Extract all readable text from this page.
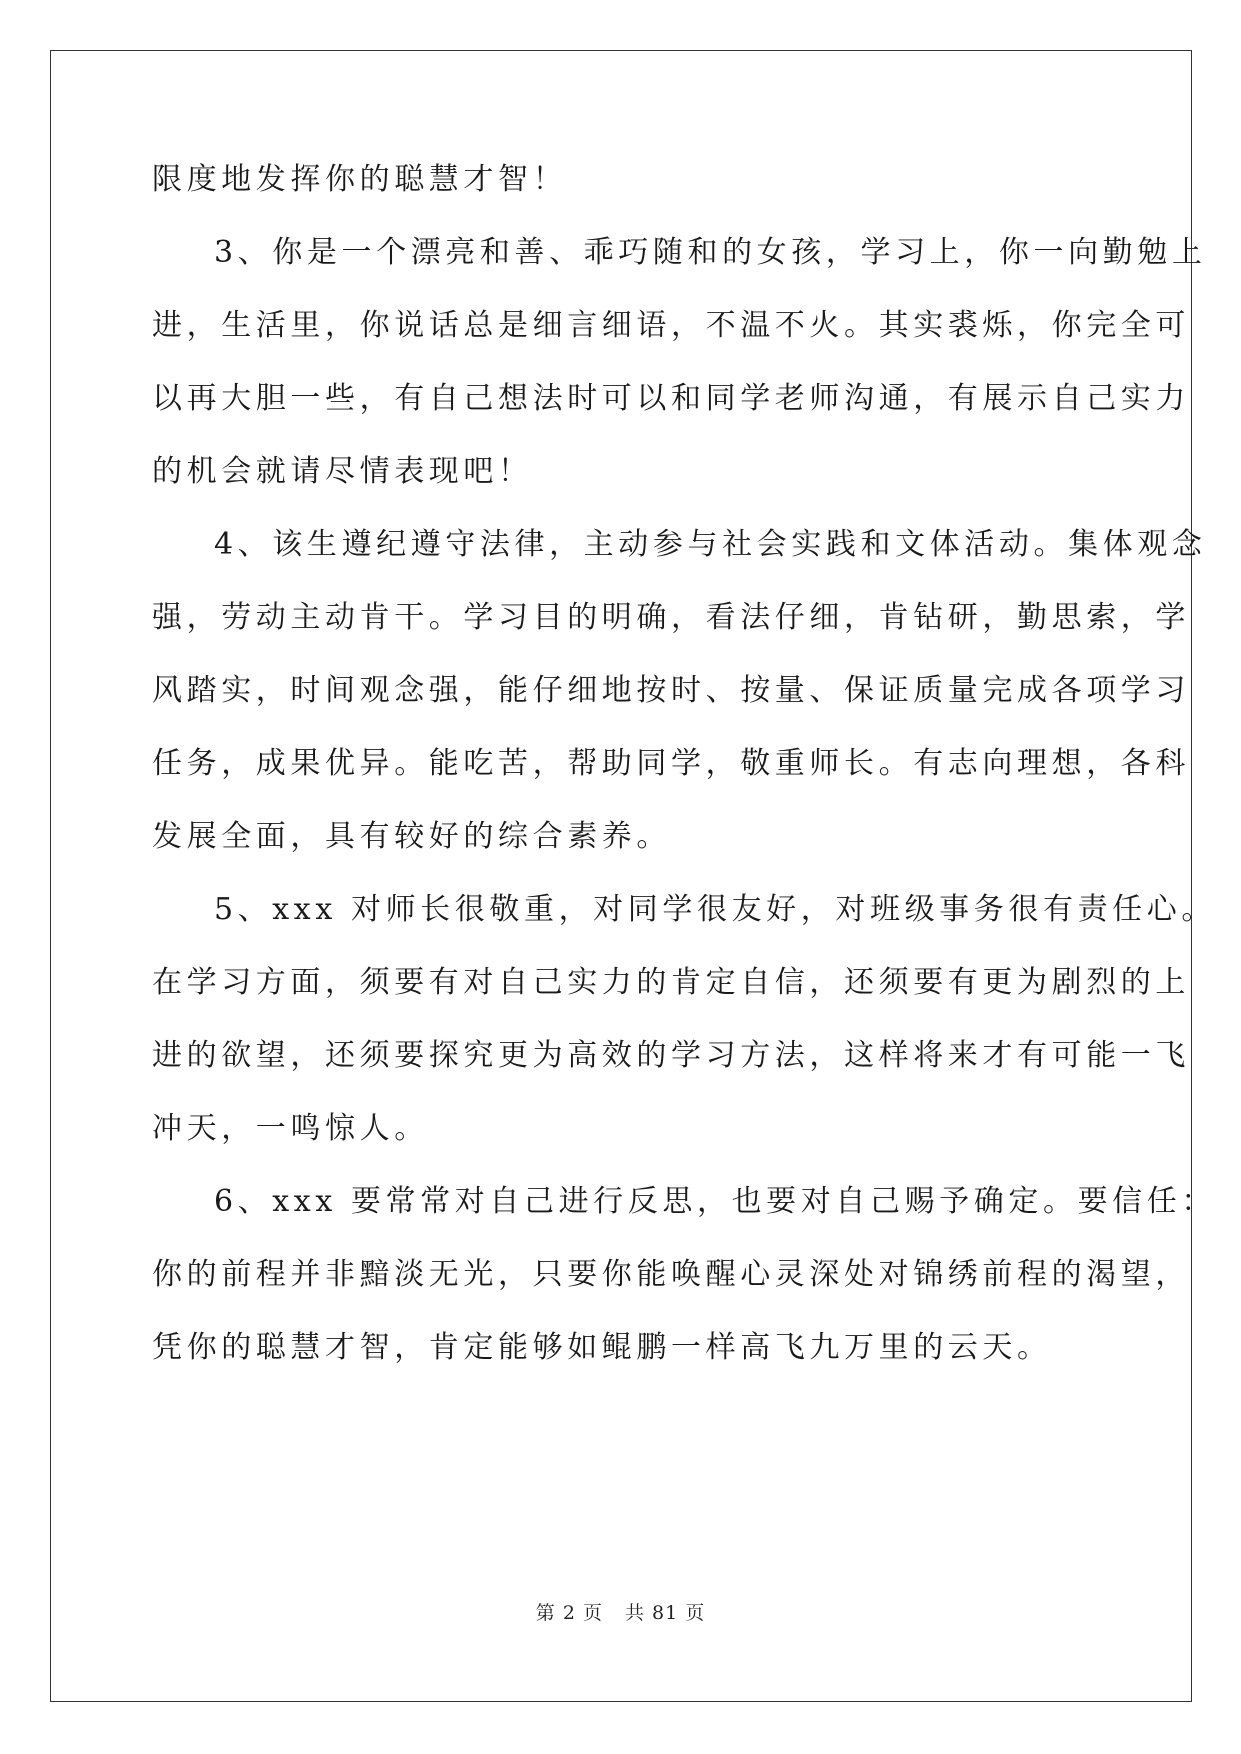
限度地发挥你的聪慧才智！
3、你是一个漂亮和善、乖巧随和的女孩，学习上，你一向勤勉上
进，生活里，你说话总是细言细语，不温不火。其实裘烁，你完全可
以再大胆一些，有自己想法时可以和同学老师沟通，有展示自己实力
的机会就请尽情表现吧！
4、该生遵纪遵守法律，主动参与社会实践和文体活动。集体观念
强，劳动主动肯干。学习目的明确，看法仔细，肯钻研，勤思索，学
风踏实，时间观念强，能仔细地按时、按量、保证质量完成各项学习
任务，成果优异。能吃苦，帮助同学，敬重师长。有志向理想，各科
发展全面，具有较好的综合素养。
5、xxx 对师长很敬重，对同学很友好，对班级事务很有责任心。
在学习方面，须要有对自己实力的肯定自信，还须要有更为剧烈的上
进的欲望，还须要探究更为高效的学习方法，这样将来才有可能一飞
冲天，一鸣惊人。
6、xxx 要常常对自己进行反思，也要对自己赐予确定。要信任：
你的前程并非黯淡无光，只要你能唤醒心灵深处对锦绣前程的渴望，
凭你的聪慧才智，肯定能够如鲲鹏一样高飞九万里的云天。
第 2 页 共 81 页
